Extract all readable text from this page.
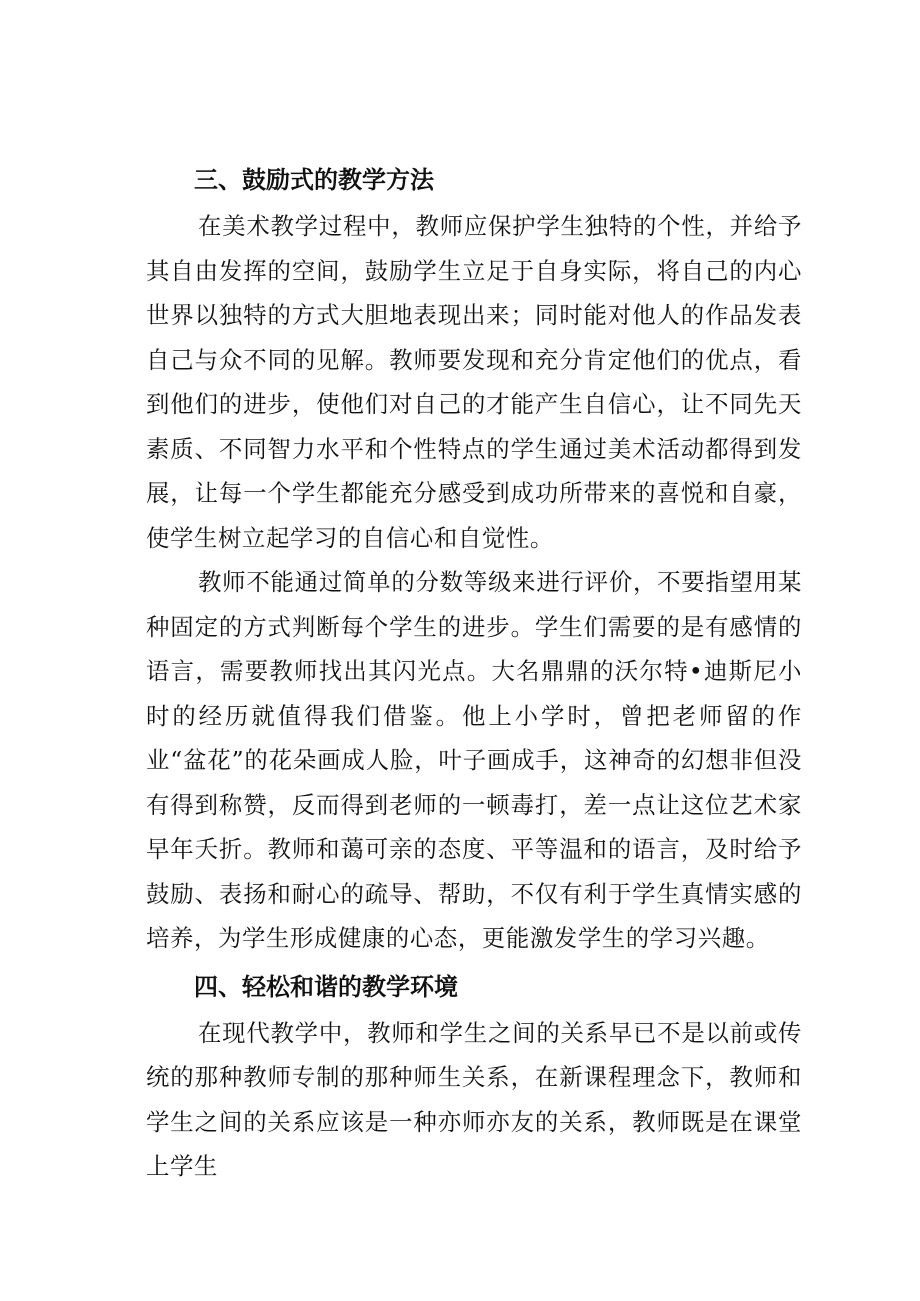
三、鼓励式的教学方法

在美术教学过程中，教师应保护学生独特的个性，并给予其自由发挥的空间，鼓励学生立足于自身实际，将自己的内心世界以独特的方式大胆地表现出来；同时能对他人的作品发表自己与众不同的见解。教师要发现和充分肯定他们的优点，看到他们的进步，使他们对自己的才能产生自信心，让不同先天素质、不同智力水平和个性特点的学生通过美术活动都得到发展，让每一个学生都能充分感受到成功所带来的喜悦和自豪，使学生树立起学习的自信心和自觉性。

教师不能通过简单的分数等级来进行评价，不要指望用某种固定的方式判断每个学生的进步。学生们需要的是有感情的语言，需要教师找出其闪光点。大名鼎鼎的沃尔特•迪斯尼小时的经历就值得我们借鉴。他上小学时，曾把老师留的作业“盆花”的花朵画成人脸，叶子画成手，这神奇的幻想非但没有得到称赞，反而得到老师的一顿毒打，差一点让这位艺术家早年夭折。教师和蔼可亲的态度、平等温和的语言，及时给予鼓励、表扬和耐心的疏导、帮助，不仅有利于学生真情实感的培养，为学生形成健康的心态，更能激发学生的学习兴趣。

四、轻松和谐的教学环境

在现代教学中，教师和学生之间的关系早已不是以前或传统的那种教师专制的那种师生关系，在新课程理念下，教师和学生之间的关系应该是一种亦师亦友的关系，教师既是在课堂上学生
